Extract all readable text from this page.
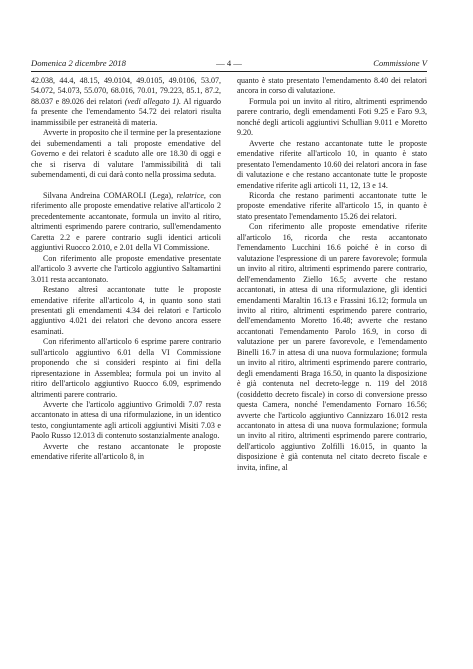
Domenica 2 dicembre 2018	— 4 —	Commissione V

42.038, 44.4, 48.15, 49.0104, 49.0105, 49.0106, 53.07, 54.072, 54.073, 55.070, 68.016, 70.01, 79.223, 85.1, 87.2, 88.037 e 89.026 dei relatori (vedi allegato 1). Al riguardo fa presente che l'emendamento 54.72 dei relatori risulta inammissibile per estraneità di materia.

Avverte in proposito che il termine per la presentazione dei subemendamenti a tali proposte emendative del Governo e dei relatori è scaduto alle ore 18.30 di oggi e che si riserva di valutare l'ammissibilità di tali subemendamenti, di cui darà conto nella prossima seduta.

Silvana Andreina COMAROLI (Lega), relatrice, con riferimento alle proposte emendative relative all'articolo 2 precedentemente accantonate, formula un invito al ritiro, altrimenti esprimendo parere contrario, sull'emendamento Caretta 2.2 e parere contrario sugli identici articoli aggiuntivi Ruocco 2.010, e 2.01 della VI Commissione.

Con riferimento alle proposte emendative presentate all'articolo 3 avverte che l'articolo aggiuntivo Saltamartini 3.011 resta accantonato.

Restano altresì accantonate tutte le proposte emendative riferite all'articolo 4, in quanto sono stati presentati gli emendamenti 4.34 dei relatori e l'articolo aggiuntivo 4.021 dei relatori che devono ancora essere esaminati.

Con riferimento all'articolo 6 esprime parere contrario sull'articolo aggiuntivo 6.01 della VI Commissione proponendo che si consideri respinto ai fini della ripresentazione in Assemblea; formula poi un invito al ritiro dell'articolo aggiuntivo Ruocco 6.09, esprimendo altrimenti parere contrario.

Avverte che l'articolo aggiuntivo Grimoldi 7.07 resta accantonato in attesa di una riformulazione, in un identico testo, congiuntamente agli articoli aggiuntivi Misiti 7.03 e Paolo Russo 12.013 di contenuto sostanzialmente analogo.

Avverte che restano accantonate le proposte emendative riferite all'articolo 8, in

quanto è stato presentato l'emendamento 8.40 dei relatori ancora in corso di valutazione.

Formula poi un invito al ritiro, altrimenti esprimendo parere contrario, degli emendamenti Foti 9.25 e Faro 9.3, nonché degli articoli aggiuntivi Schullian 9.011 e Moretto 9.20.

Avverte che restano accantonate tutte le proposte emendative riferite all'articolo 10, in quanto è stato presentato l'emendamento 10.60 dei relatori ancora in fase di valutazione e che restano accantonate tutte le proposte emendative riferite agli articoli 11, 12, 13 e 14.

Ricorda che restano parimenti accantonate tutte le proposte emendative riferite all'articolo 15, in quanto è stato presentato l'emendamento 15.26 dei relatori.

Con riferimento alle proposte emendative riferite all'articolo 16, ricorda che resta accantonato l'emendamento Lucchini 16.6 poiché è in corso di valutazione l'espressione di un parere favorevole; formula un invito al ritiro, altrimenti esprimendo parere contrario, dell'emendamento Ziello 16.5; avverte che restano accantonati, in attesa di una riformulazione, gli identici emendamenti Maraltin 16.13 e Frassini 16.12; formula un invito al ritiro, altrimenti esprimendo parere contrario, dell'emendamento Moretto 16.48; avverte che restano accantonati l'emendamento Parolo 16.9, in corso di valutazione per un parere favorevole, e l'emendamento Binelli 16.7 in attesa di una nuova formulazione; formula un invito al ritiro, altrimenti esprimendo parere contrario, degli emendamenti Braga 16.50, in quanto la disposizione è già contenuta nel decreto-legge n. 119 del 2018 (cosiddetto decreto fiscale) in corso di conversione presso questa Camera, nonché l'emendamento Fornaro 16.56; avverte che l'articolo aggiuntivo Cannizzaro 16.012 resta accantonato in attesa di una nuova formulazione; formula un invito al ritiro, altrimenti esprimendo parere contrario, dell'articolo aggiuntivo Zolfilli 16.015, in quanto la disposizione è già contenuta nel citato decreto fiscale e invita, infine, al
